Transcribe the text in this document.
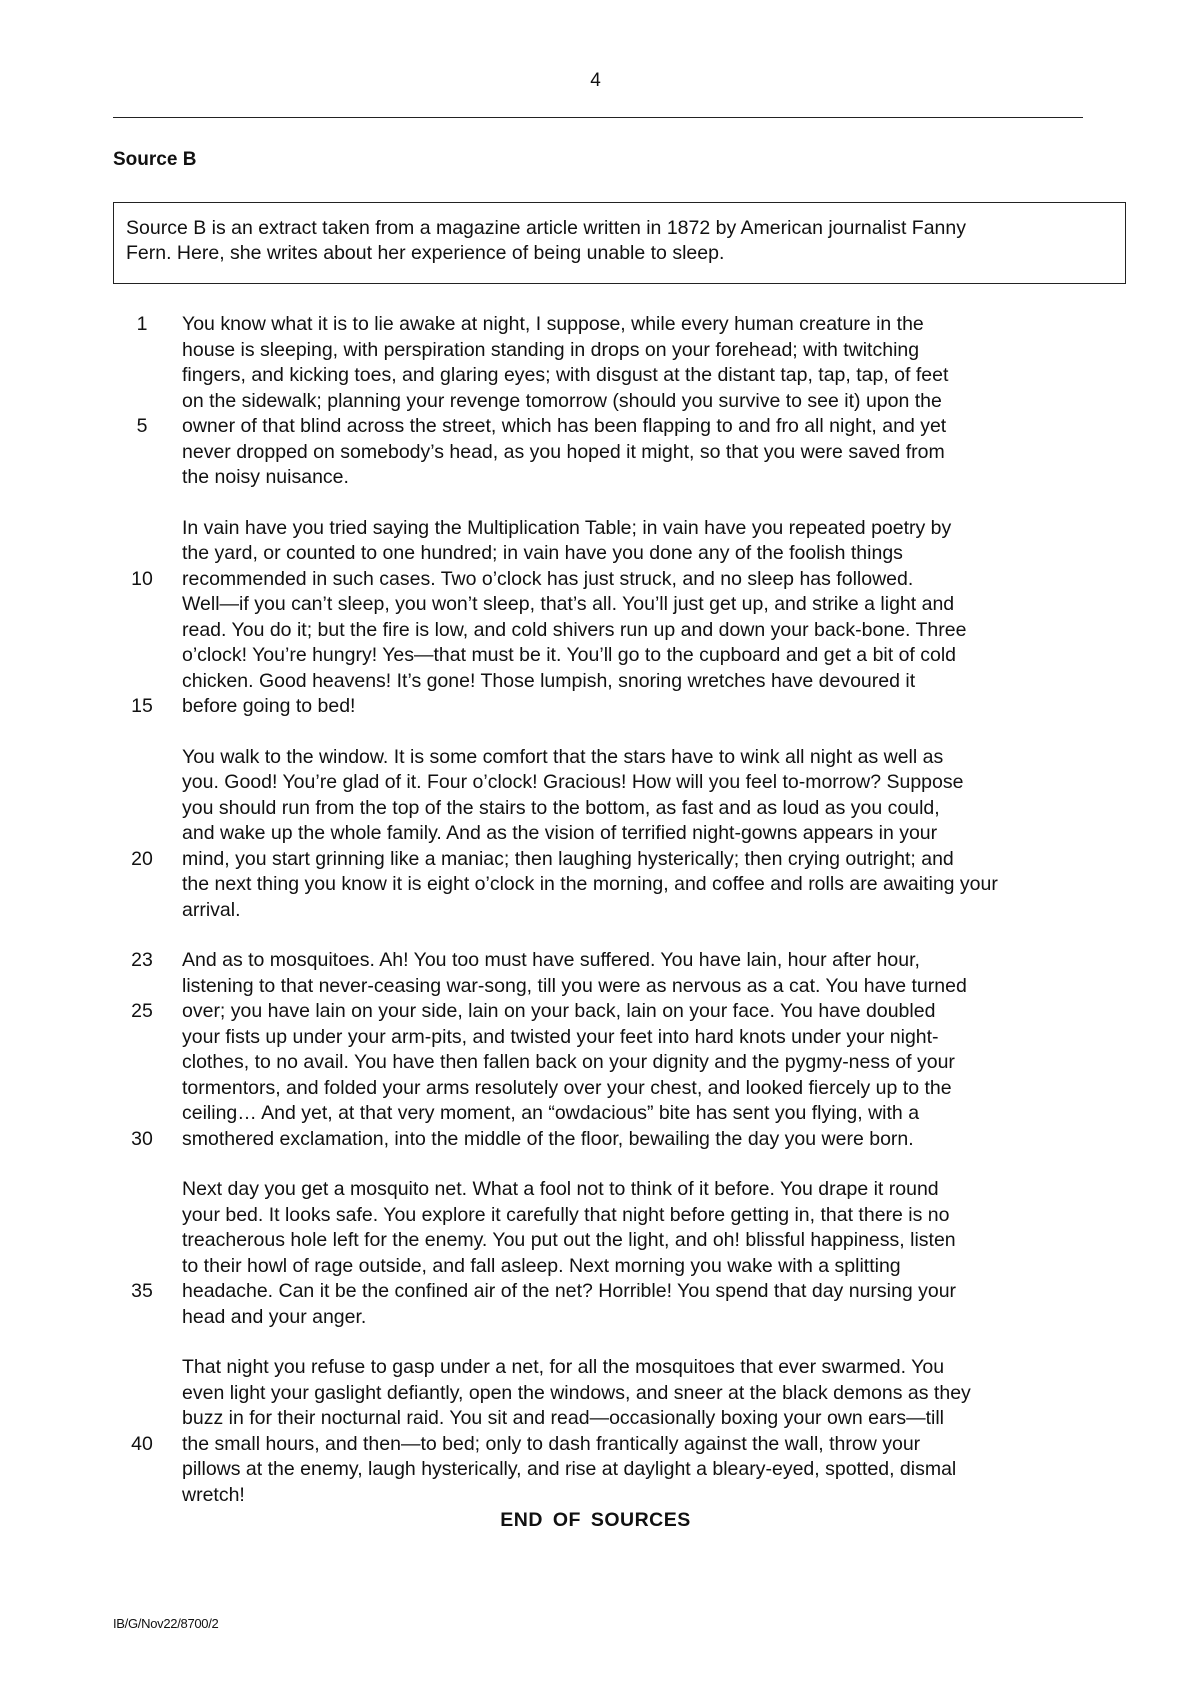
4
Source B
Source B is an extract taken from a magazine article written in 1872 by American journalist Fanny
Fern. Here, she writes about her experience of being unable to sleep.
1	You know what it is to lie awake at night, I suppose, while every human creature in the
house is sleeping, with perspiration standing in drops on your forehead; with twitching
fingers, and kicking toes, and glaring eyes; with disgust at the distant tap, tap, tap, of feet
on the sidewalk; planning your revenge tomorrow (should you survive to see it) upon the
5	owner of that blind across the street, which has been flapping to and fro all night, and yet
never dropped on somebody’s head, as you hoped it might, so that you were saved from
the noisy nuisance.
In vain have you tried saying the Multiplication Table; in vain have you repeated poetry by
the yard, or counted to one hundred; in vain have you done any of the foolish things
10 recommended in such cases. Two o’clock has just struck, and no sleep has followed.
Well—if you can’t sleep, you won’t sleep, that’s all. You’ll just get up, and strike a light and
read. You do it; but the fire is low, and cold shivers run up and down your back-bone. Three
o’clock! You’re hungry! Yes—that must be it. You’ll go to the cupboard and get a bit of cold
chicken. Good heavens! It’s gone! Those lumpish, snoring wretches have devoured it
15 before going to bed!
You walk to the window. It is some comfort that the stars have to wink all night as well as
you. Good! You’re glad of it. Four o’clock! Gracious! How will you feel to-morrow? Suppose
you should run from the top of the stairs to the bottom, as fast and as loud as you could,
and wake up the whole family. And as the vision of terrified night-gowns appears in your
20 mind, you start grinning like a maniac; then laughing hysterically; then crying outright; and
the next thing you know it is eight o’clock in the morning, and coffee and rolls are awaiting your
arrival.
23 And as to mosquitoes. Ah! You too must have suffered. You have lain, hour after hour,
listening to that never-ceasing war-song, till you were as nervous as a cat. You have turned
25 over; you have lain on your side, lain on your back, lain on your face. You have doubled
your fists up under your arm-pits, and twisted your feet into hard knots under your night-
clothes, to no avail. You have then fallen back on your dignity and the pygmy-ness of your
tormentors, and folded your arms resolutely over your chest, and looked fiercely up to the
ceiling… And yet, at that very moment, an “owdacious” bite has sent you flying, with a
30 smothered exclamation, into the middle of the floor, bewailing the day you were born.
Next day you get a mosquito net. What a fool not to think of it before. You drape it round
your bed. It looks safe. You explore it carefully that night before getting in, that there is no
treacherous hole left for the enemy. You put out the light, and oh! blissful happiness, listen
to their howl of rage outside, and fall asleep. Next morning you wake with a splitting
35 headache. Can it be the confined air of the net? Horrible! You spend that day nursing your
head and your anger.
That night you refuse to gasp under a net, for all the mosquitoes that ever swarmed. You
even light your gaslight defiantly, open the windows, and sneer at the black demons as they
buzz in for their nocturnal raid. You sit and read—occasionally boxing your own ears—till
40 the small hours, and then—to bed; only to dash frantically against the wall, throw your
pillows at the enemy, laugh hysterically, and rise at daylight a bleary-eyed, spotted, dismal
wretch!
END OF SOURCES
IB/G/Nov22/8700/2
